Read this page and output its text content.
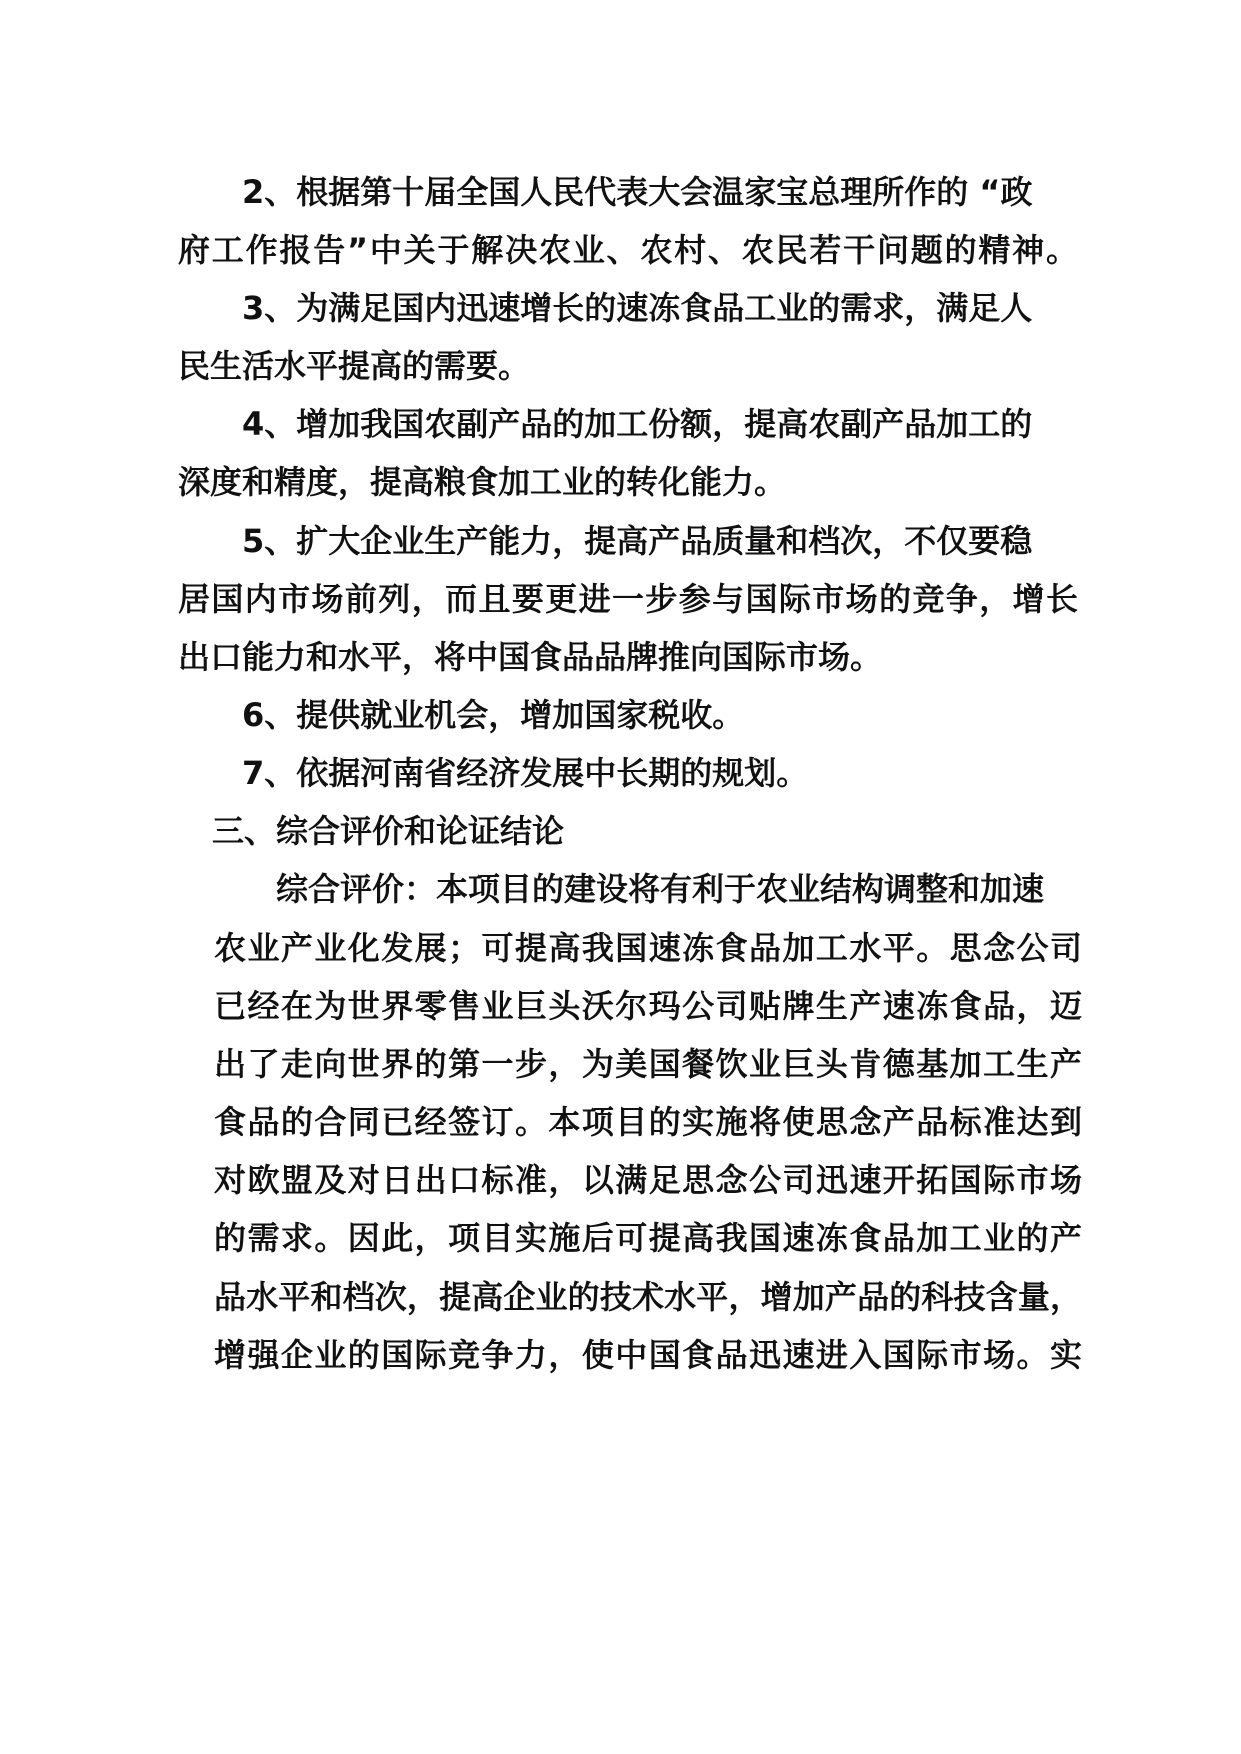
2、根据第十届全国人民代表大会温家宝总理所作的 “政

府工作报告”中关于解决农业、农村、农民若干问题的精神。

3、为满足国内迅速增长的速冻食品工业的需求，满足人

民生活水平提高的需要。

4、增加我国农副产品的加工份额，提高农副产品加工的

深度和精度，提高粮食加工业的转化能力。

5、扩大企业生产能力，提高产品质量和档次，不仅要稳

居国内市场前列，而且要更进一步参与国际市场的竞争，增长

出口能力和水平，将中国食品品牌推向国际市场。

6、提供就业机会，增加国家税收。

7、依据河南省经济发展中长期的规划。

三、综合评价和论证结论

综合评价：本项目的建设将有利于农业结构调整和加速

农业产业化发展；可提高我国速冻食品加工水平。思念公司

已经在为世界零售业巨头沃尔玛公司贴牌生产速冻食品，迈

出了走向世界的第一步，为美国餐饮业巨头肯德基加工生产

食品的合同已经签订。本项目的实施将使思念产品标准达到

对欧盟及对日出口标准，以满足思念公司迅速开拓国际市场

的需求。因此，项目实施后可提高我国速冻食品加工业的产

品水平和档次，提高企业的技术水平，增加产品的科技含量，

增强企业的国际竞争力，使中国食品迅速进入国际市场。实
